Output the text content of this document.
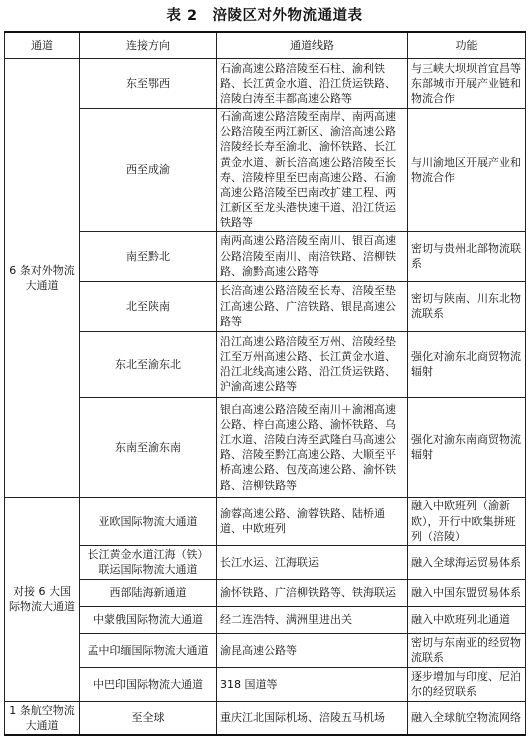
表 2　涪陵区对外物流通道表
通道	连接方向	通道线路	功能
6 条对外物流大通道	东至鄂西	石渝高速公路涪陵至石柱、渝利铁路、长江黄金水道、沿江货运铁路、涪陵白涛至丰都高速公路等	与三峡大坝坝首宜昌等东部城市开展产业链和物流合作
	西至成渝	石渝高速公路涪陵至南岸、南两高速公路涪陵至两江新区、渝涪高速公路涪陵经长寿至渝北、渝怀铁路、长江黄金水道、新长涪高速公路涪陵至长寿、涪陵梓里至巴南高速公路、石渝高速公路涪陵至巴南改扩建工程、两江新区至龙头港快速干道、沿江货运铁路等	与川渝地区开展产业和物流合作
	南至黔北	南两高速公路涪陵至南川、银百高速公路涪陵至南川、南涪铁路、涪柳铁路、渝黔高速公路等	密切与贵州北部物流联系
	北至陕南	长涪高速公路涪陵至长寿、涪陵至垫江高速公路、广涪铁路、银昆高速公路等	密切与陕南、川东北物流联系
	东北至渝东北	沿江高速公路涪陵至万州、涪陵经垫江至万州高速公路、长江黄金水道、沿江北线高速公路、沿江货运铁路、沪渝高速公路等	强化对渝东北商贸物流辐射
	东南至渝东南	银白高速公路涪陵至南川＋渝湘高速公路、梓白高速公路、渝怀铁路、乌江水道、涪陵白涛至武隆白马高速公路、涪陵至黔江高速公路、大顺至平桥高速公路、包茂高速公路、渝怀铁路、涪柳铁路等	强化对渝东南商贸物流辐射
对接 6 大国际物流大通道	亚欧国际物流大通道	渝蓉高速公路、渝蓉铁路、陆桥通道、中欧班列	融入中欧班列（渝新欧），开行中欧集拼班列（涪陵）
	长江黄金水道江海（铁）联运国际物流大通道	长江水运、江海联运	融入全球海运贸易体系
	西部陆海新通道	渝怀铁路、广涪柳铁路等、铁海联运	融入中国东盟贸易体系
	中蒙俄国际物流大通道	经二连浩特、满洲里进出关	融入中欧班列北通道
	孟中印缅国际物流大通道	渝昆高速公路等	密切与东南亚的经贸物流联系
	中巴印国际物流大通道	318 国道等	逐步增加与印度、尼泊尔的经贸联系
1 条航空物流大通道	至全球	重庆江北国际机场、涪陵五马机场	融入全球航空物流网络
